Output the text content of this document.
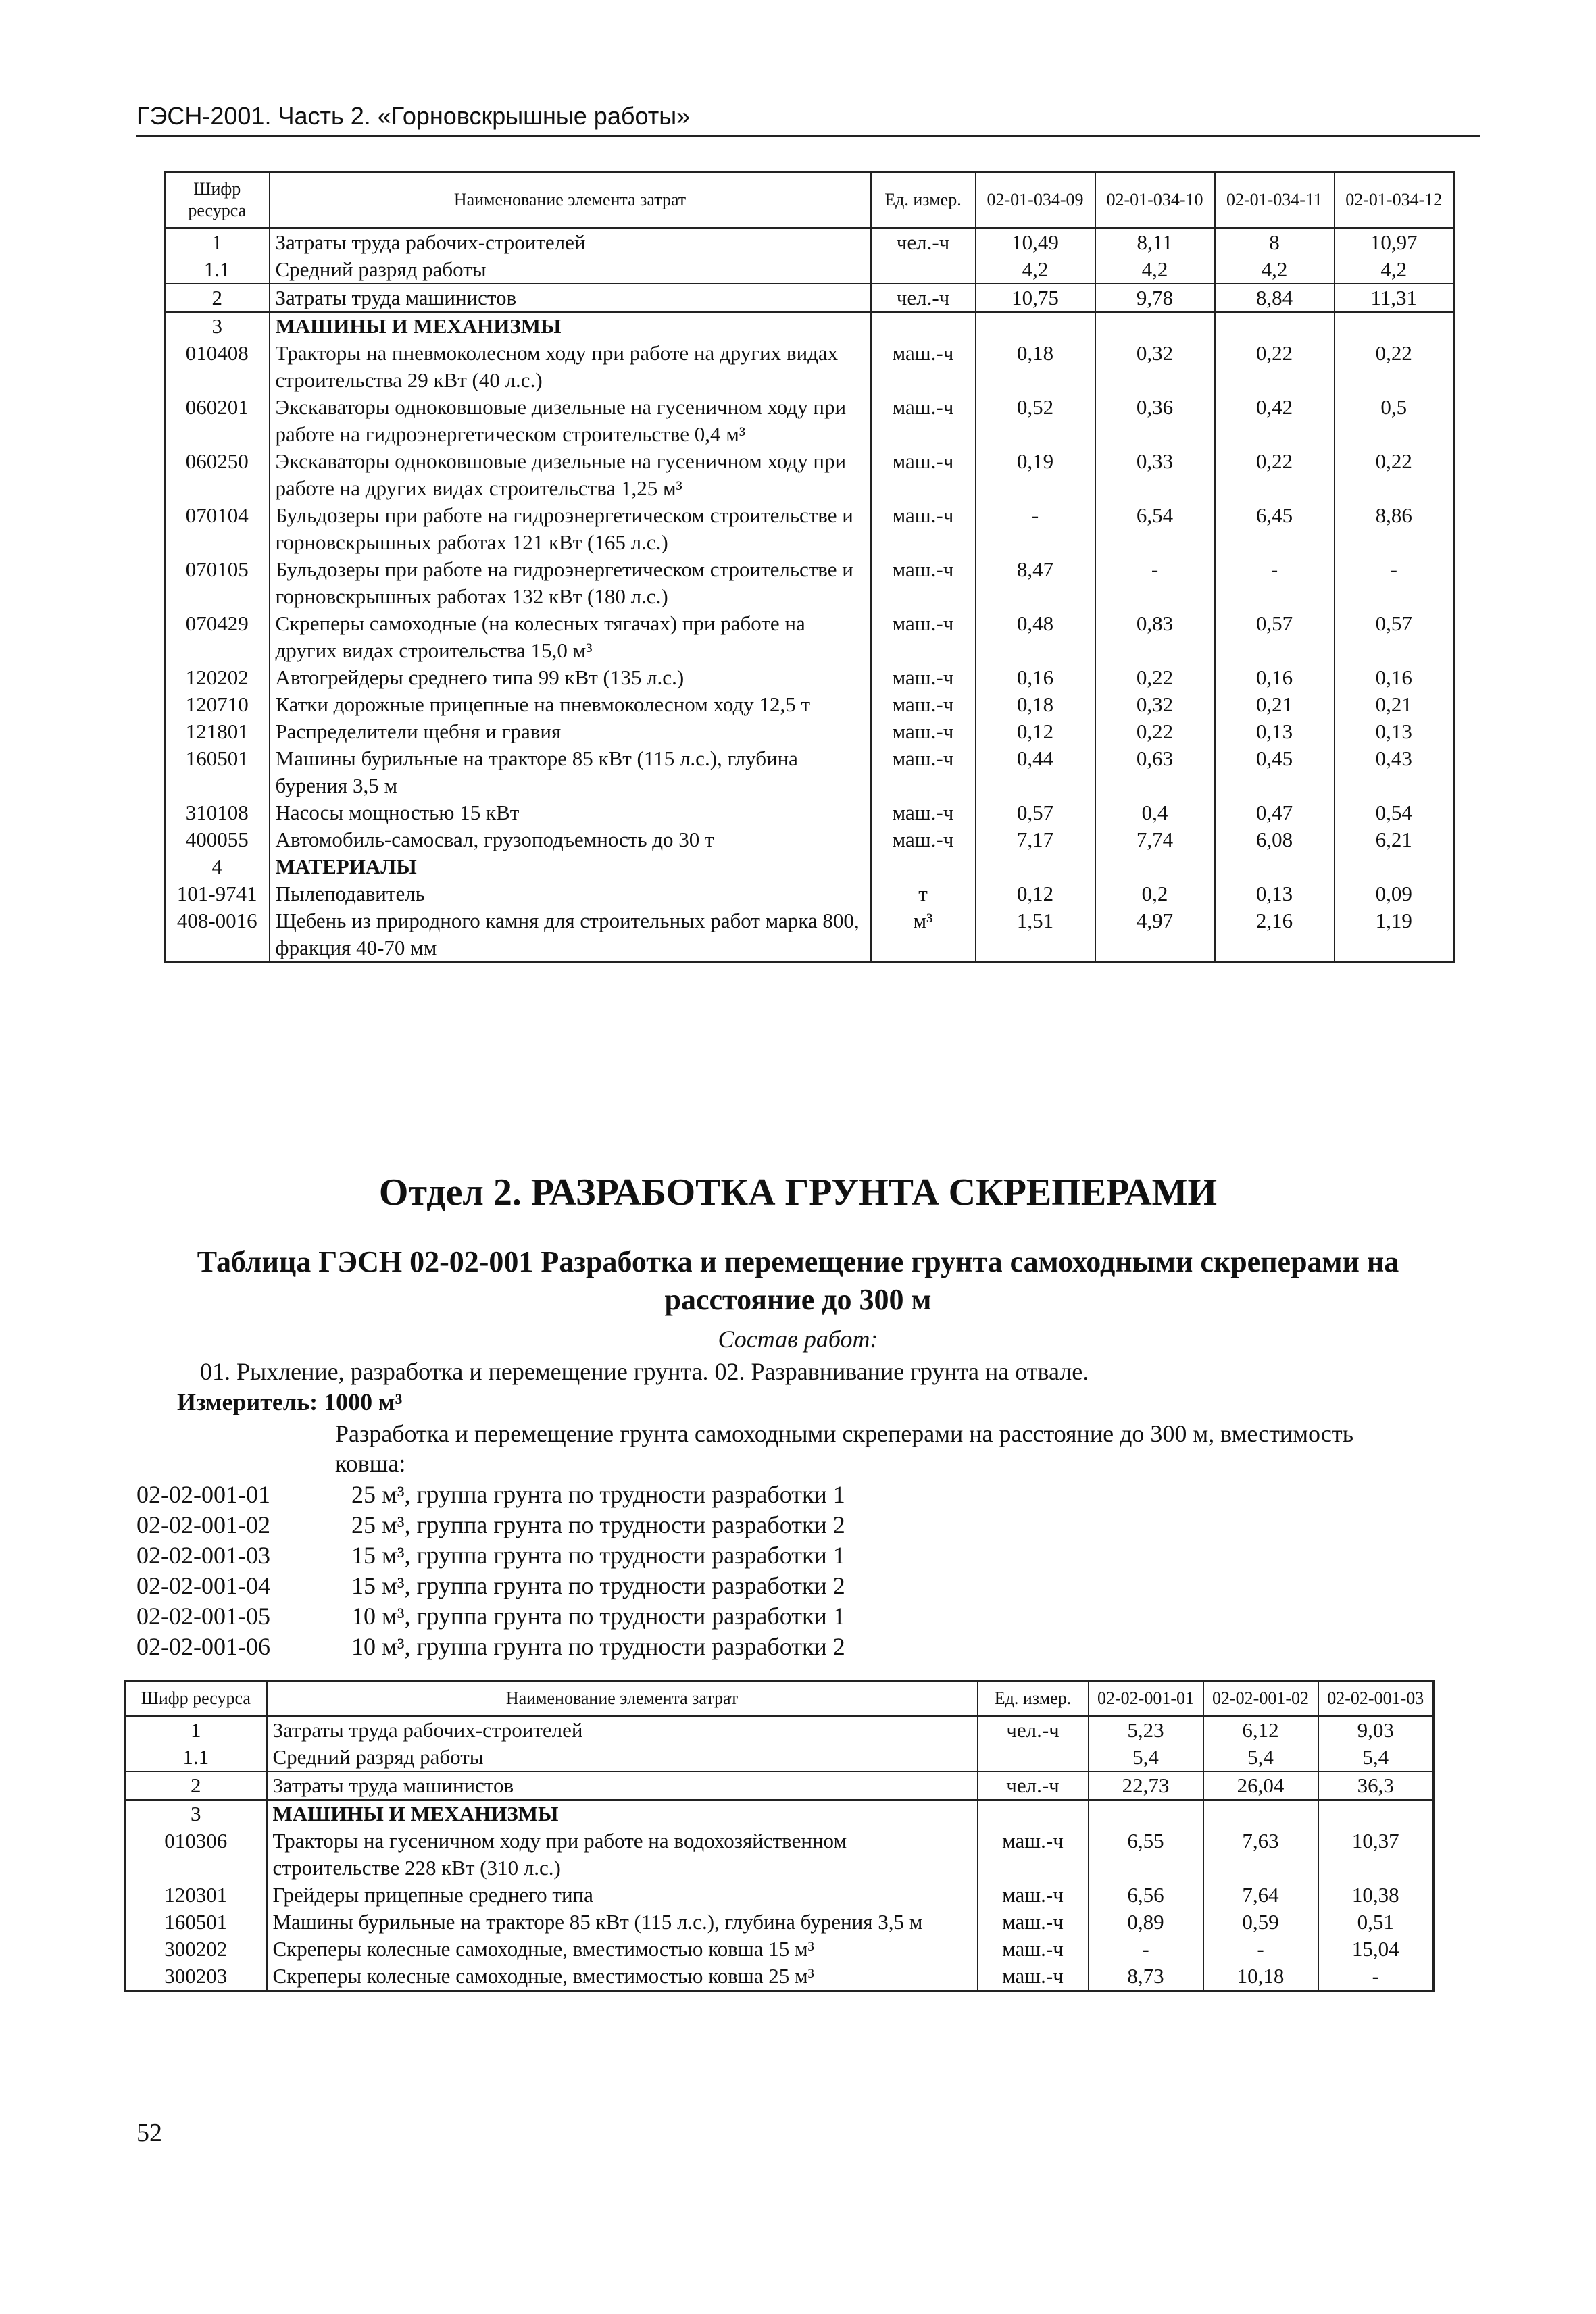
ГЭСН-2001. Часть 2. «Горновскрышные работы»
Шифр ресурса	Наименование элемента затрат	Ед. измер.	02-01-034-09	02-01-034-10	02-01-034-11	02-01-034-12
1	Затраты труда рабочих-строителей	чел.-ч	10,49	8,11	8	10,97
1.1	Средний разряд работы		4,2	4,2	4,2	4,2
2	Затраты труда машинистов	чел.-ч	10,75	9,78	8,84	11,31
3	МАШИНЫ И МЕХАНИЗМЫ					
010408	Тракторы на пневмоколесном ходу при работе на других видах строительства 29 кВт (40 л.с.)	маш.-ч	0,18	0,32	0,22	0,22
060201	Экскаваторы одноковшовые дизельные на гусеничном ходу при работе на гидроэнергетическом строительстве 0,4 м³	маш.-ч	0,52	0,36	0,42	0,5
060250	Экскаваторы одноковшовые дизельные на гусеничном ходу при работе на других видах строительства 1,25 м³	маш.-ч	0,19	0,33	0,22	0,22
070104	Бульдозеры при работе на гидроэнергетическом строительстве и горновскрышных работах 121 кВт (165 л.с.)	маш.-ч	-	6,54	6,45	8,86
070105	Бульдозеры при работе на гидроэнергетическом строительстве и горновскрышных работах 132 кВт (180 л.с.)	маш.-ч	8,47	-	-	-
070429	Скреперы самоходные (на колесных тягачах) при работе на других видах строительства 15,0 м³	маш.-ч	0,48	0,83	0,57	0,57
120202	Автогрейдеры среднего типа 99 кВт (135 л.с.)	маш.-ч	0,16	0,22	0,16	0,16
120710	Катки дорожные прицепные на пневмоколесном ходу 12,5 т	маш.-ч	0,18	0,32	0,21	0,21
121801	Распределители щебня и гравия	маш.-ч	0,12	0,22	0,13	0,13
160501	Машины бурильные на тракторе 85 кВт (115 л.с.), глубина бурения 3,5 м	маш.-ч	0,44	0,63	0,45	0,43
310108	Насосы мощностью 15 кВт	маш.-ч	0,57	0,4	0,47	0,54
400055	Автомобиль-самосвал, грузоподъемность до 30 т	маш.-ч	7,17	7,74	6,08	6,21
4	МАТЕРИАЛЫ					
101-9741	Пылеподавитель	т	0,12	0,2	0,13	0,09
408-0016	Щебень из природного камня для строительных работ марка 800, фракция 40-70 мм	м³	1,51	4,97	2,16	1,19
Отдел 2. РАЗРАБОТКА ГРУНТА СКРЕПЕРАМИ
Таблица ГЭСН 02-02-001 Разработка и перемещение грунта самоходными скреперами на расстояние до 300 м
Состав работ:
01. Рыхление, разработка и перемещение грунта. 02. Разравнивание грунта на отвале.
Измеритель: 1000 м³
Разработка и перемещение грунта самоходными скреперами на расстояние до 300 м, вместимость ковша:
02-02-001-01	25 м³, группа грунта по трудности разработки 1
02-02-001-02	25 м³, группа грунта по трудности разработки 2
02-02-001-03	15 м³, группа грунта по трудности разработки 1
02-02-001-04	15 м³, группа грунта по трудности разработки 2
02-02-001-05	10 м³, группа грунта по трудности разработки 1
02-02-001-06	10 м³, группа грунта по трудности разработки 2
Шифр ресурса	Наименование элемента затрат	Ед. измер.	02-02-001-01	02-02-001-02	02-02-001-03
1	Затраты труда рабочих-строителей	чел.-ч	5,23	6,12	9,03
1.1	Средний разряд работы		5,4	5,4	5,4
2	Затраты труда машинистов	чел.-ч	22,73	26,04	36,3
3	МАШИНЫ И МЕХАНИЗМЫ				
010306	Тракторы на гусеничном ходу при работе на водохозяйственном строительстве 228 кВт (310 л.с.)	маш.-ч	6,55	7,63	10,37
120301	Грейдеры прицепные среднего типа	маш.-ч	6,56	7,64	10,38
160501	Машины бурильные на тракторе 85 кВт (115 л.с.), глубина бурения 3,5 м	маш.-ч	0,89	0,59	0,51
300202	Скреперы колесные самоходные, вместимостью ковша 15 м³	маш.-ч	-	-	15,04
300203	Скреперы колесные самоходные, вместимостью ковша 25 м³	маш.-ч	8,73	10,18	-
52
